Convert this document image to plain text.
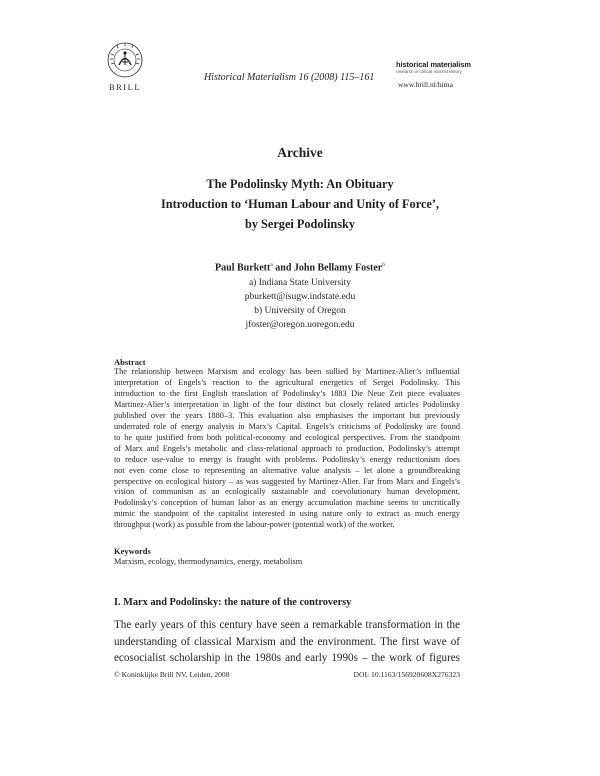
BRILL
Historical Materialism 16 (2008) 115–161
historical materialism
research in critical marxist theory
www.brill.nl/hima
Archive
The Podolinsky Myth: An Obituary
Introduction to ‘Human Labour and Unity of Force’,
by Sergei Podolinsky
Paul Burkett$^a$ and John Bellamy Foster$^b$
a) Indiana State University
pburkett@isugw.indstate.edu
b) University of Oregon
jfoster@oregon.uoregon.edu
Abstract
The relationship between Marxism and ecology has been sullied by Martinez-Alier’s influential
interpretation of Engels’s reaction to the agricultural energetics of Sergei Podolinsky. This
introduction to the first English translation of Podolinsky’s 1883 Die Neue Zeit piece evaluates
Martinez-Alier’s interpretation in light of the four distinct but closely related articles Podolinsky
published over the years 1880–3. This evaluation also emphasises the important but previously
underrated role of energy analysis in Marx’s Capital. Engels’s criticisms of Podolinsky are found
to be quite justified from both political-economy and ecological perspectives. From the standpoint
of Marx and Engels’s metabolic and class-relational approach to production, Podolinsky’s attempt
to reduce use-value to energy is fraught with problems. Podolinsky’s energy reductionism does
not even come close to representing an alternative value analysis – let alone a groundbreaking
perspective on ecological history – as was suggested by Martinez-Alier. Far from Marx and Engels’s
vision of communism as an ecologically sustainable and coevolutionary human development,
Podolinsky’s conception of human labor as an energy accumulation machine seems to uncritically
mimic the standpoint of the capitalist interested in using nature only to extract as much energy
throughput (work) as possible from the labour-power (potential work) of the worker.
Keywords
Marxism, ecology, thermodynamics, energy, metabolism
I. Marx and Podolinsky: the nature of the controversy
The early years of this century have seen a remarkable transformation in the
understanding of classical Marxism and the environment. The first wave of
ecosocialist scholarship in the 1980s and early 1990s – the work of figures
© Koninklijke Brill NV, Leiden, 2008	DOI: 10.1163/156920608X276323
